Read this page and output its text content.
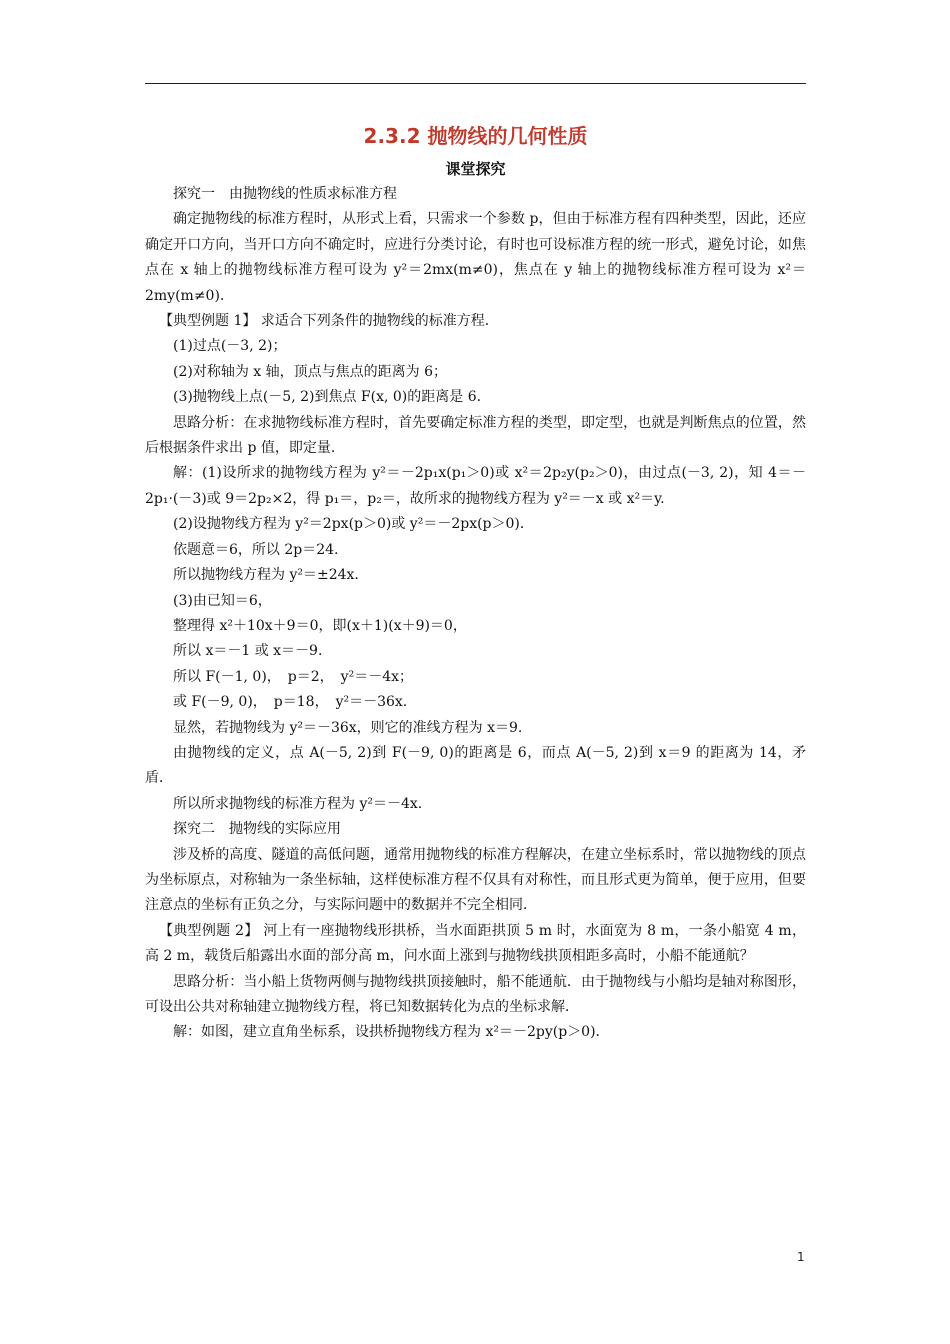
2.3.2 抛物线的几何性质
课堂探究

探究一　由抛物线的性质求标准方程

确定抛物线的标准方程时，从形式上看，只需求一个参数 p，但由于标准方程有四种类型，因此，还应确定开口方向，当开口方向不确定时，应进行分类讨论，有时也可设标准方程的统一形式，避免讨论，如焦点在 x 轴上的抛物线标准方程可设为 y²＝2mx(m≠0)，焦点在 y 轴上的抛物线标准方程可设为 x²＝2my(m≠0)．

【典型例题 1】 求适合下列条件的抛物线的标准方程．

(1)过点(－3, 2)；

(2)对称轴为 x 轴，顶点与焦点的距离为 6；

(3)抛物线上点(－5, 2)到焦点 F(x, 0)的距离是 6.

思路分析：在求抛物线标准方程时，首先要确定标准方程的类型，即定型，也就是判断焦点的位置，然后根据条件求出 p 值，即定量．

解：(1)设所求的抛物线方程为 y²＝－2p₁x(p₁＞0)或 x²＝2p₂y(p₂＞0)，由过点(－3, 2)，知 4＝－2p₁·(－3)或 9＝2p₂×2，得 p₁＝，p₂＝，故所求的抛物线方程为 y²＝－x 或 x²＝y.

(2)设抛物线方程为 y²＝2px(p＞0)或 y²＝－2px(p＞0)．

依题意＝6，所以 2p＝24.

所以抛物线方程为 y²＝±24x.

(3)由已知＝6，

整理得 x²＋10x＋9＝0，即(x＋1)(x＋9)＝0，

所以 x＝－1 或 x＝－9.

所以 F(－1, 0)，　p＝2，　y²＝－4x；

或 F(－9, 0)，　p＝18，　y²＝－36x.

显然，若抛物线为 y²＝－36x，则它的准线方程为 x＝9.

由抛物线的定义，点 A(－5, 2)到 F(－9, 0)的距离是 6，而点 A(－5, 2)到 x＝9 的距离为 14，矛盾．

所以所求抛物线的标准方程为 y²＝－4x.

探究二　抛物线的实际应用

涉及桥的高度、隧道的高低问题，通常用抛物线的标准方程解决，在建立坐标系时，常以抛物线的顶点为坐标原点，对称轴为一条坐标轴，这样使标准方程不仅具有对称性，而且形式更为简单，便于应用，但要注意点的坐标有正负之分，与实际问题中的数据并不完全相同．

【典型例题 2】 河上有一座抛物线形拱桥，当水面距拱顶 5 m 时，水面宽为 8 m，一条小船宽 4 m，高 2 m，载货后船露出水面的部分高 m，问水面上涨到与抛物线拱顶相距多高时，小船不能通航？

思路分析：当小船上货物两侧与抛物线拱顶接触时，船不能通航．由于抛物线与小船均是轴对称图形，可设出公共对称轴建立抛物线方程，将已知数据转化为点的坐标求解．

解：如图，建立直角坐标系，设拱桥抛物线方程为 x²＝－2py(p＞0)．

1
